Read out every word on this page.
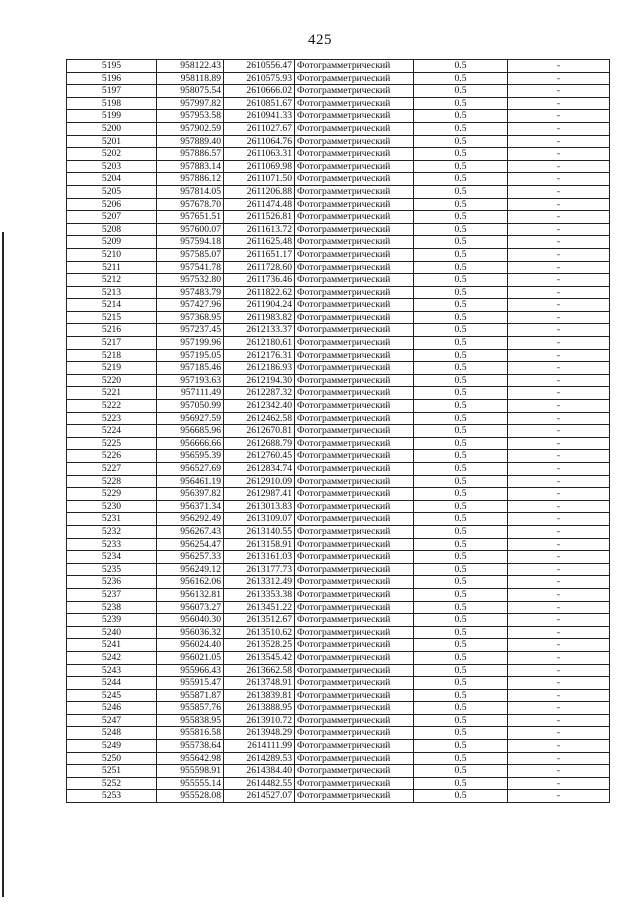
425
5195	958122.43	2610556.47	Фотограмметрический	0.5	-
5196	958118.89	2610575.93	Фотограмметрический	0.5	-
5197	958075.54	2610666.02	Фотограмметрический	0.5	-
5198	957997.82	2610851.67	Фотограмметрический	0.5	-
5199	957953.58	2610941.33	Фотограмметрический	0.5	-
5200	957902.59	2611027.67	Фотограмметрический	0.5	-
5201	957889.40	2611064.76	Фотограмметрический	0.5	-
5202	957886.57	2611063.31	Фотограмметрический	0.5	-
5203	957883.14	2611069.98	Фотограмметрический	0.5	-
5204	957886.12	2611071.50	Фотограмметрический	0.5	-
5205	957814.05	2611206.88	Фотограмметрический	0.5	-
5206	957678.70	2611474.48	Фотограмметрический	0.5	-
5207	957651.51	2611526.81	Фотограмметрический	0.5	-
5208	957600.07	2611613.72	Фотограмметрический	0.5	-
5209	957594.18	2611625.48	Фотограмметрический	0.5	-
5210	957585.07	2611651.17	Фотограмметрический	0.5	-
5211	957541.78	2611728.60	Фотограмметрический	0.5	-
5212	957532.80	2611736.46	Фотограмметрический	0.5	-
5213	957483.79	2611822.62	Фотограмметрический	0.5	-
5214	957427.96	2611904.24	Фотограмметрический	0.5	-
5215	957368.95	2611983.82	Фотограмметрический	0.5	-
5216	957237.45	2612133.37	Фотограмметрический	0.5	-
5217	957199.96	2612180.61	Фотограмметрический	0.5	-
5218	957195.05	2612176.31	Фотограмметрический	0.5	-
5219	957185.46	2612186.93	Фотограмметрический	0.5	-
5220	957193.63	2612194.30	Фотограмметрический	0.5	-
5221	957111.49	2612287.32	Фотограмметрический	0.5	-
5222	957050.99	2612342.40	Фотограмметрический	0.5	-
5223	956927.59	2612462.58	Фотограмметрический	0.5	-
5224	956685.96	2612670.81	Фотограмметрический	0.5	-
5225	956666.66	2612688.79	Фотограмметрический	0.5	-
5226	956595.39	2612760.45	Фотограмметрический	0.5	-
5227	956527.69	2612834.74	Фотограмметрический	0.5	-
5228	956461.19	2612910.09	Фотограмметрический	0.5	-
5229	956397.82	2612987.41	Фотограмметрический	0.5	-
5230	956371.34	2613013.83	Фотограмметрический	0.5	-
5231	956292.49	2613109.07	Фотограмметрический	0.5	-
5232	956267.43	2613140.55	Фотограмметрический	0.5	-
5233	956254.47	2613158.91	Фотограмметрический	0.5	-
5234	956257.33	2613161.03	Фотограмметрический	0.5	-
5235	956249.12	2613177.73	Фотограмметрический	0.5	-
5236	956162.06	2613312.49	Фотограмметрический	0.5	-
5237	956132.81	2613353.38	Фотограмметрический	0.5	-
5238	956073.27	2613451.22	Фотограмметрический	0.5	-
5239	956040.30	2613512.67	Фотограмметрический	0.5	-
5240	956036.32	2613510.62	Фотограмметрический	0.5	-
5241	956024.40	2613528.25	Фотограмметрический	0.5	-
5242	956021.05	2613545.42	Фотограмметрический	0.5	-
5243	955966.43	2613662.58	Фотограмметрический	0.5	-
5244	955915.47	2613748.91	Фотограмметрический	0.5	-
5245	955871.87	2613839.81	Фотограмметрический	0.5	-
5246	955857.76	2613888.95	Фотограмметрический	0.5	-
5247	955838.95	2613910.72	Фотограмметрический	0.5	-
5248	955816.58	2613948.29	Фотограмметрический	0.5	-
5249	955738.64	2614111.99	Фотограмметрический	0.5	-
5250	955642.98	2614289.53	Фотограмметрический	0.5	-
5251	955598.91	2614384.40	Фотограмметрический	0.5	-
5252	955555.14	2614482.55	Фотограмметрический	0.5	-
5253	955528.08	2614527.07	Фотограмметрический	0.5	-
